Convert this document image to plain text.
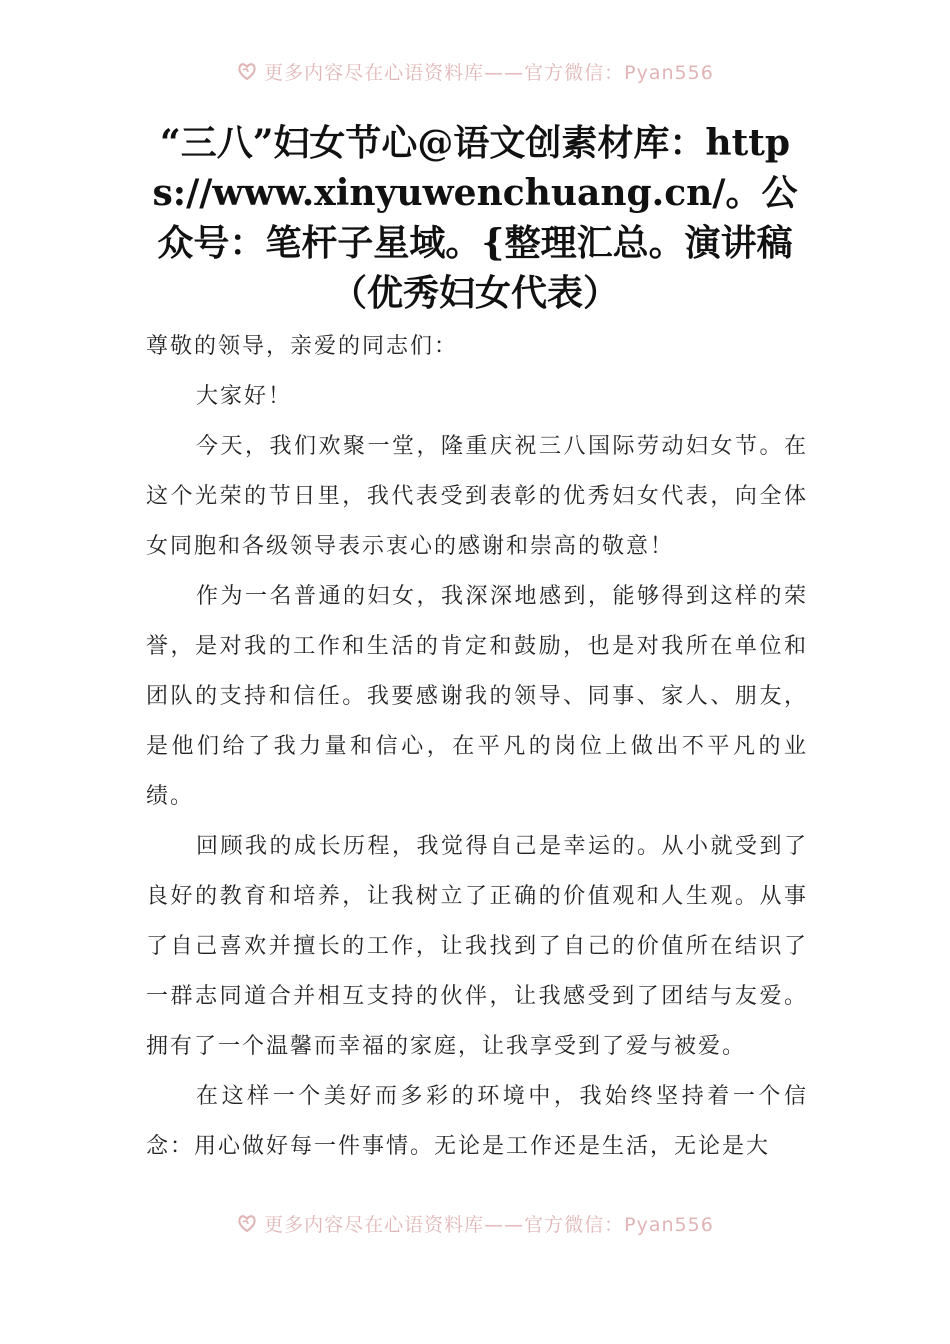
更多内容尽在心语资料库——官方微信：Pyan556
“三八”妇女节心@语文创素材库：https://www.xinyuwenchuang.cn/。公众号：笔杆子星域。{整理汇总。演讲稿（优秀妇女代表）

尊敬的领导，亲爱的同志们：

大家好！

今天，我们欢聚一堂，隆重庆祝三八国际劳动妇女节。在这个光荣的节日里，我代表受到表彰的优秀妇女代表，向全体女同胞和各级领导表示衷心的感谢和崇高的敬意！

作为一名普通的妇女，我深深地感到，能够得到这样的荣誉，是对我的工作和生活的肯定和鼓励，也是对我所在单位和团队的支持和信任。我要感谢我的领导、同事、家人、朋友，是他们给了我力量和信心，在平凡的岗位上做出不平凡的业绩。

回顾我的成长历程，我觉得自己是幸运的。从小就受到了良好的教育和培养，让我树立了正确的价值观和人生观。从事了自己喜欢并擅长的工作，让我找到了自己的价值所在结识了一群志同道合并相互支持的伙伴，让我感受到了团结与友爱。拥有了一个温馨而幸福的家庭，让我享受到了爱与被爱。

在这样一个美好而多彩的环境中，我始终坚持着一个信念：用心做好每一件事情。无论是工作还是生活，无论是大

更多内容尽在心语资料库——官方微信：Pyan556
